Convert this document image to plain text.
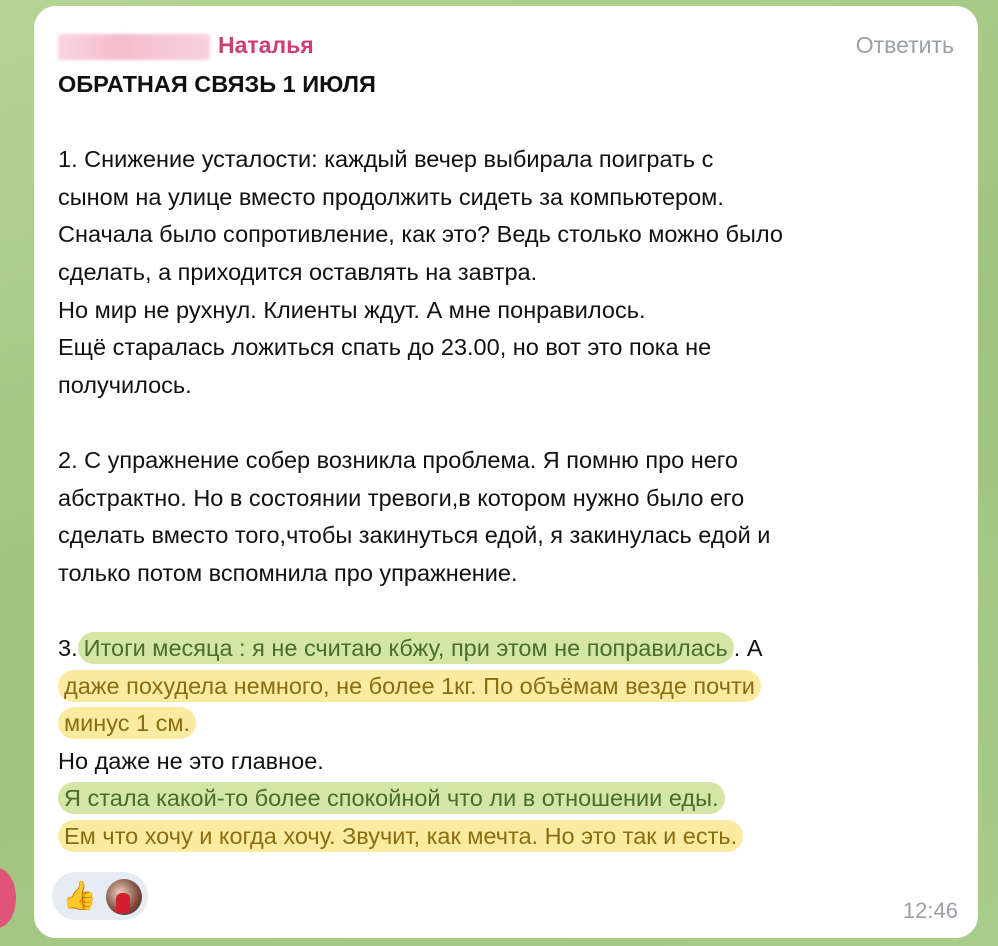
Наталья	Ответить
ОБРАТНАЯ СВЯЗЬ 1 ИЮЛЯ
1. Снижение усталости: каждый вечер выбирала поиграть с
сыном на улице вместо продолжить сидеть за компьютером.
Сначала было сопротивление, как это? Ведь столько можно было
сделать, а приходится оставлять на завтра.
Но мир не рухнул. Клиенты ждут. А мне понравилось.
Ещё старалась ложиться спать до 23.00, но вот это пока не
получилось.
2. С упражнение собер возникла проблема. Я помню про него
абстрактно. Но в состоянии тревоги,в котором нужно было его
сделать вместо того,чтобы закинуться едой, я закинулась едой и
только потом вспомнила про упражнение.
3. Итоги месяца : я не считаю кбжу, при этом не поправилась . А
даже похудела немного, не более 1кг. По объёмам везде почти
минус 1 см.
Но даже не это главное.
Я стала какой-то более спокойной что ли в отношении еды.
Ем что хочу и когда хочу. Звучит, как мечта. Но это так и есть.
👍	12:46
